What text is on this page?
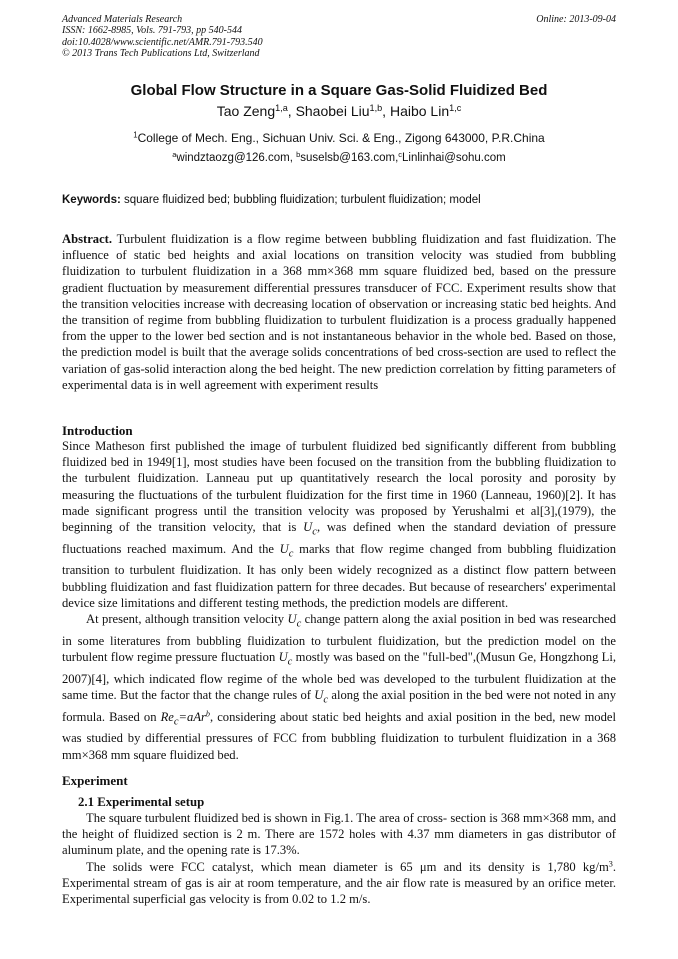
Advanced Materials Research
ISSN: 1662-8985, Vols. 791-793, pp 540-544
doi:10.4028/www.scientific.net/AMR.791-793.540
© 2013 Trans Tech Publications Ltd, Switzerland
Online: 2013-09-04
Global Flow Structure in a Square Gas-Solid Fluidized Bed
Tao Zeng$^{1,a}$, Shaobei Liu$^{1,b}$, Haibo Lin$^{1,c}$
$^1$College of Mech. Eng., Sichuan Univ. Sci. & Eng., Zigong 643000, P.R.China
$^a$windztaozg@126.com, $^b$suselsb@163.com,$^c$Linlinhai@sohu.com
Keywords: square fluidized bed; bubbling fluidization; turbulent fluidization; model

Abstract. Turbulent fluidization is a flow regime between bubbling fluidization and fast fluidization. The influence of static bed heights and axial locations on transition velocity was studied from bubbling fluidization to turbulent fluidization in a 368 mm×368 mm square fluidized bed, based on the pressure gradient fluctuation by measurement differential pressures transducer of FCC. Experiment results show that the transition velocities increase with decreasing location of observation or increasing static bed heights. And the transition of regime from bubbling fluidization to turbulent fluidization is a process gradually happened from the upper to the lower bed section and is not instantaneous behavior in the whole bed. Based on those, the prediction model is built that the average solids concentrations of bed cross-section are used to reflect the variation of gas-solid interaction along the bed height. The new prediction correlation by fitting parameters of experimental data is in well agreement with experiment results

Introduction

Since Matheson first published the image of turbulent fluidized bed significantly different from bubbling fluidized bed in 1949[1], most studies have been focused on the transition from the bubbling fluidization to the turbulent fluidization. Lanneau put up quantitatively research the local porosity and porosity by measuring the fluctuations of the turbulent fluidization for the first time in 1960 (Lanneau, 1960)[2]. It has made significant progress until the transition velocity was proposed by Yerushalmi et al[3],(1979), the beginning of the transition velocity, that is $U_c$, was defined when the standard deviation of pressure fluctuations reached maximum. And the $U_c$ marks that flow regime changed from bubbling fluidization transition to turbulent fluidization. It has only been widely recognized as a distinct flow pattern between bubbling fluidization and fast fluidization pattern for three decades. But because of researchers' experimental device size limitations and different testing methods, the prediction models are different.

At present, although transition velocity $U_c$ change pattern along the axial position in bed was researched in some literatures from bubbling fluidization to turbulent fluidization, but the prediction model on the turbulent flow regime pressure fluctuation $U_c$ mostly was based on the "full-bed",(Musun Ge, Hongzhong Li, 2007)[4], which indicated flow regime of the whole bed was developed to the turbulent fluidization at the same time. But the factor that the change rules of $U_c$ along the axial position in the bed were not noted in any formula. Based on $Re_c=aAr^b$, considering about static bed heights and axial position in the bed, new model was studied by differential pressures of FCC from bubbling fluidization to turbulent fluidization in a 368 mm×368 mm square fluidized bed.

Experiment
2.1 Experimental setup

The square turbulent fluidized bed is shown in Fig.1. The area of cross- section is 368 mm×368 mm, and the height of fluidized section is 2 m. There are 1572 holes with 4.37 mm diameters in gas distributor of aluminum plate, and the opening rate is 17.3%.

The solids were FCC catalyst, which mean diameter is 65 μm and its density is 1,780 $kg/m^3$. Experimental stream of gas is air at room temperature, and the air flow rate is measured by an orifice meter. Experimental superficial gas velocity is from 0.02 to 1.2 m/s.
